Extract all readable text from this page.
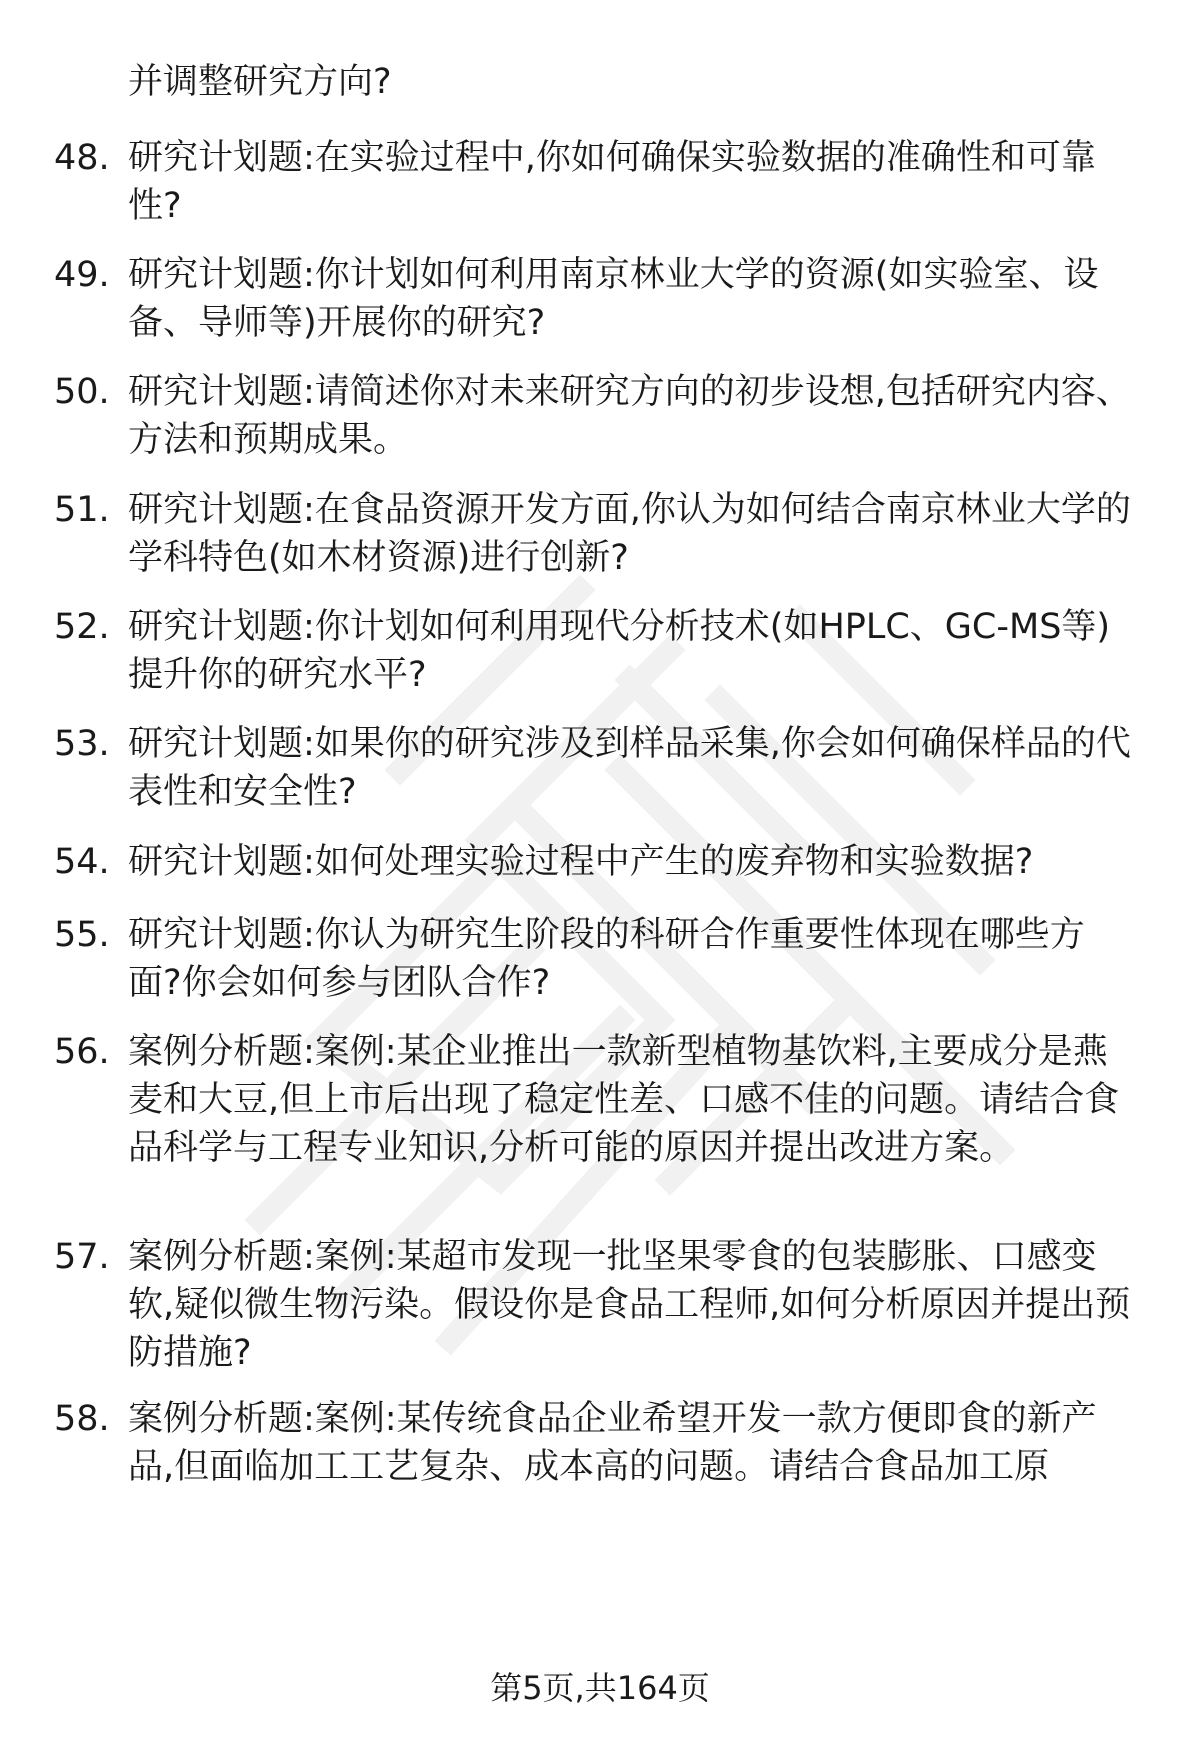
并调整研究方向?
48. 研究计划题:在实验过程中,你如何确保实验数据的准确性和可靠性?
49. 研究计划题:你计划如何利用南京林业大学的资源(如实验室、设备、导师等)开展你的研究?
50. 研究计划题:请简述你对未来研究方向的初步设想,包括研究内容、方法和预期成果。
51. 研究计划题:在食品资源开发方面,你认为如何结合南京林业大学的学科特色(如木材资源)进行创新?
52. 研究计划题:你计划如何利用现代分析技术(如HPLC、GC-MS等)提升你的研究水平?
53. 研究计划题:如果你的研究涉及到样品采集,你会如何确保样品的代表性和安全性?
54. 研究计划题:如何处理实验过程中产生的废弃物和实验数据?
55. 研究计划题:你认为研究生阶段的科研合作重要性体现在哪些方面?你会如何参与团队合作?
56. 案例分析题:案例:某企业推出一款新型植物基饮料,主要成分是燕麦和大豆,但上市后出现了稳定性差、口感不佳的问题。请结合食品科学与工程专业知识,分析可能的原因并提出改进方案。
57. 案例分析题:案例:某超市发现一批坚果零食的包装膨胀、口感变软,疑似微生物污染。假设你是食品工程师,如何分析原因并提出预防措施?
58. 案例分析题:案例:某传统食品企业希望开发一款方便即食的新产品,但面临加工工艺复杂、成本高的问题。请结合食品加工原
第5页,共164页
